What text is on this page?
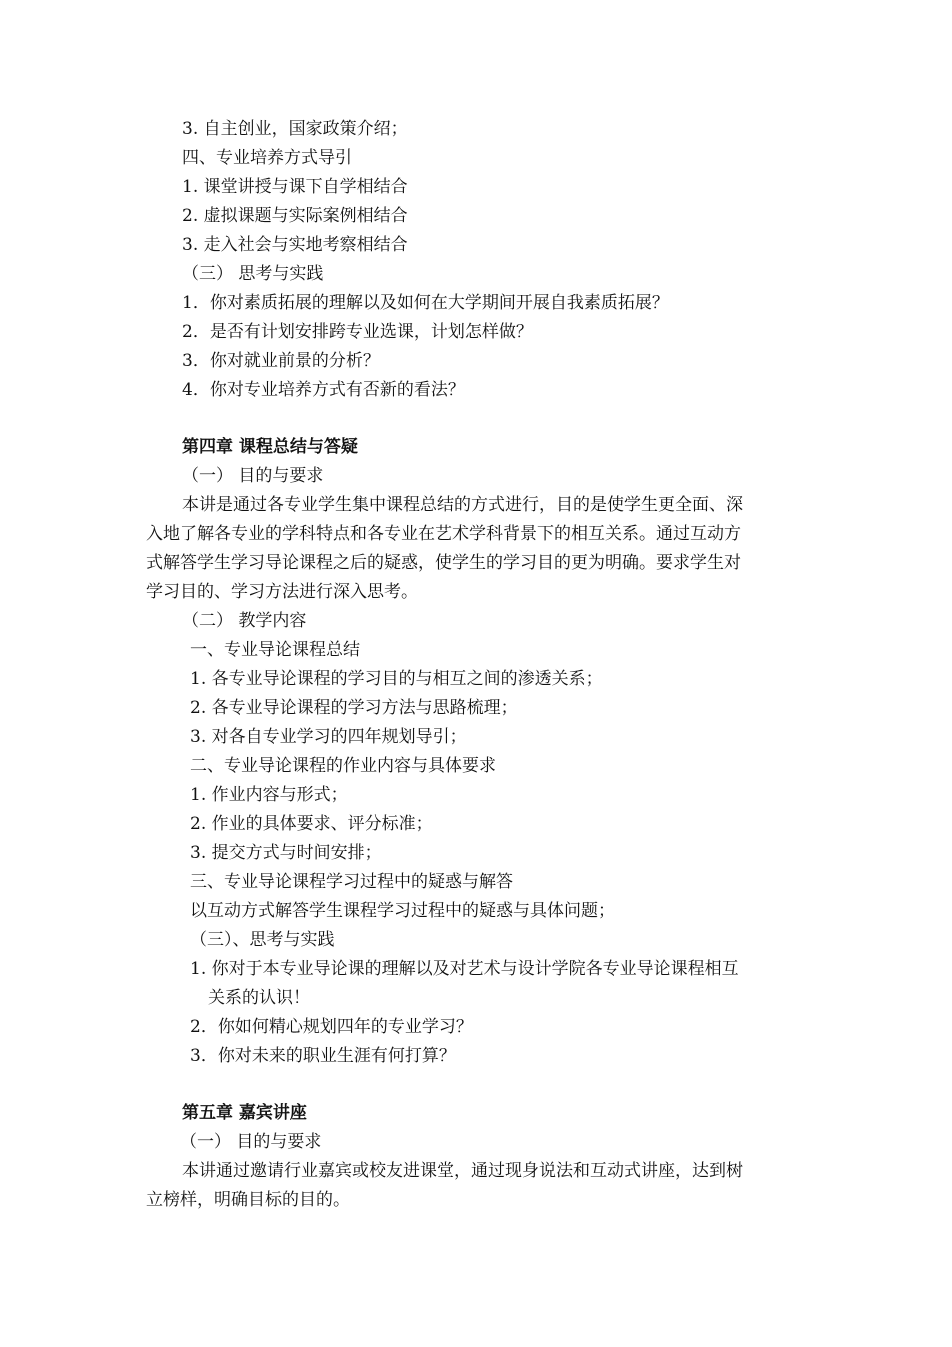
3. 自主创业，国家政策介绍；
四、专业培养方式导引
1. 课堂讲授与课下自学相结合
2. 虚拟课题与实际案例相结合
3. 走入社会与实地考察相结合
（三） 思考与实践
1．你对素质拓展的理解以及如何在大学期间开展自我素质拓展？
2．是否有计划安排跨专业选课，计划怎样做？
3．你对就业前景的分析？
4．你对专业培养方式有否新的看法？
第四章 课程总结与答疑
（一） 目的与要求
本讲是通过各专业学生集中课程总结的方式进行，目的是使学生更全面、深
入地了解各专业的学科特点和各专业在艺术学科背景下的相互关系。通过互动方
式解答学生学习导论课程之后的疑惑，使学生的学习目的更为明确。要求学生对
学习目的、学习方法进行深入思考。
（二） 教学内容
一、专业导论课程总结
1. 各专业导论课程的学习目的与相互之间的渗透关系；
2. 各专业导论课程的学习方法与思路梳理；
3. 对各自专业学习的四年规划导引；
二、专业导论课程的作业内容与具体要求
1. 作业内容与形式；
2. 作业的具体要求、评分标准；
3. 提交方式与时间安排；
三、专业导论课程学习过程中的疑惑与解答
以互动方式解答学生课程学习过程中的疑惑与具体问题；
（三）、思考与实践
1. 你对于本专业导论课的理解以及对艺术与设计学院各专业导论课程相互
关系的认识！
2．你如何精心规划四年的专业学习？
3．你对未来的职业生涯有何打算？
第五章 嘉宾讲座
（一） 目的与要求
本讲通过邀请行业嘉宾或校友进课堂，通过现身说法和互动式讲座，达到树
立榜样，明确目标的目的。
